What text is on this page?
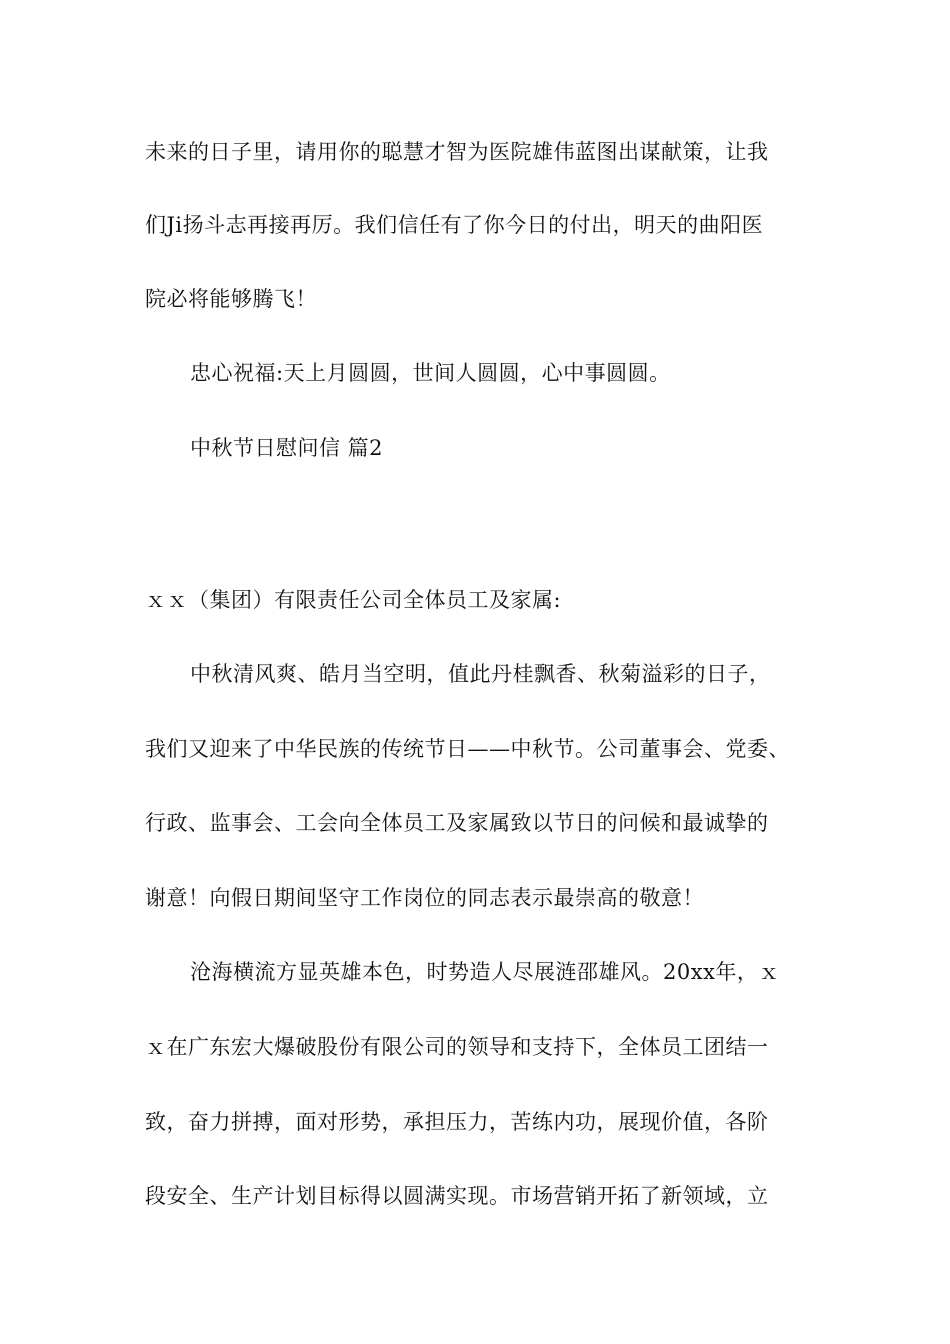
未来的日子里，请用你的聪慧才智为医院雄伟蓝图出谋献策，让我
们Ji扬斗志再接再厉。我们信任有了你今日的付出，明天的曲阳医
院必将能够腾飞！
忠心祝福:天上月圆圆，世间人圆圆，心中事圆圆。
中秋节日慰问信 篇2
ｘｘ（集团）有限责任公司全体员工及家属:
中秋清风爽、皓月当空明，值此丹桂飘香、秋菊溢彩的日子，
我们又迎来了中华民族的传统节日——中秋节。公司董事会、党委、
行政、监事会、工会向全体员工及家属致以节日的问候和最诚挚的
谢意！向假日期间坚守工作岗位的同志表示最崇高的敬意！
沧海横流方显英雄本色，时势造人尽展涟邵雄风。20xx年，ｘ
ｘ在广东宏大爆破股份有限公司的领导和支持下，全体员工团结一
致，奋力拼搏，面对形势，承担压力，苦练内功，展现价值，各阶
段安全、生产计划目标得以圆满实现。市场营销开拓了新领域，立
